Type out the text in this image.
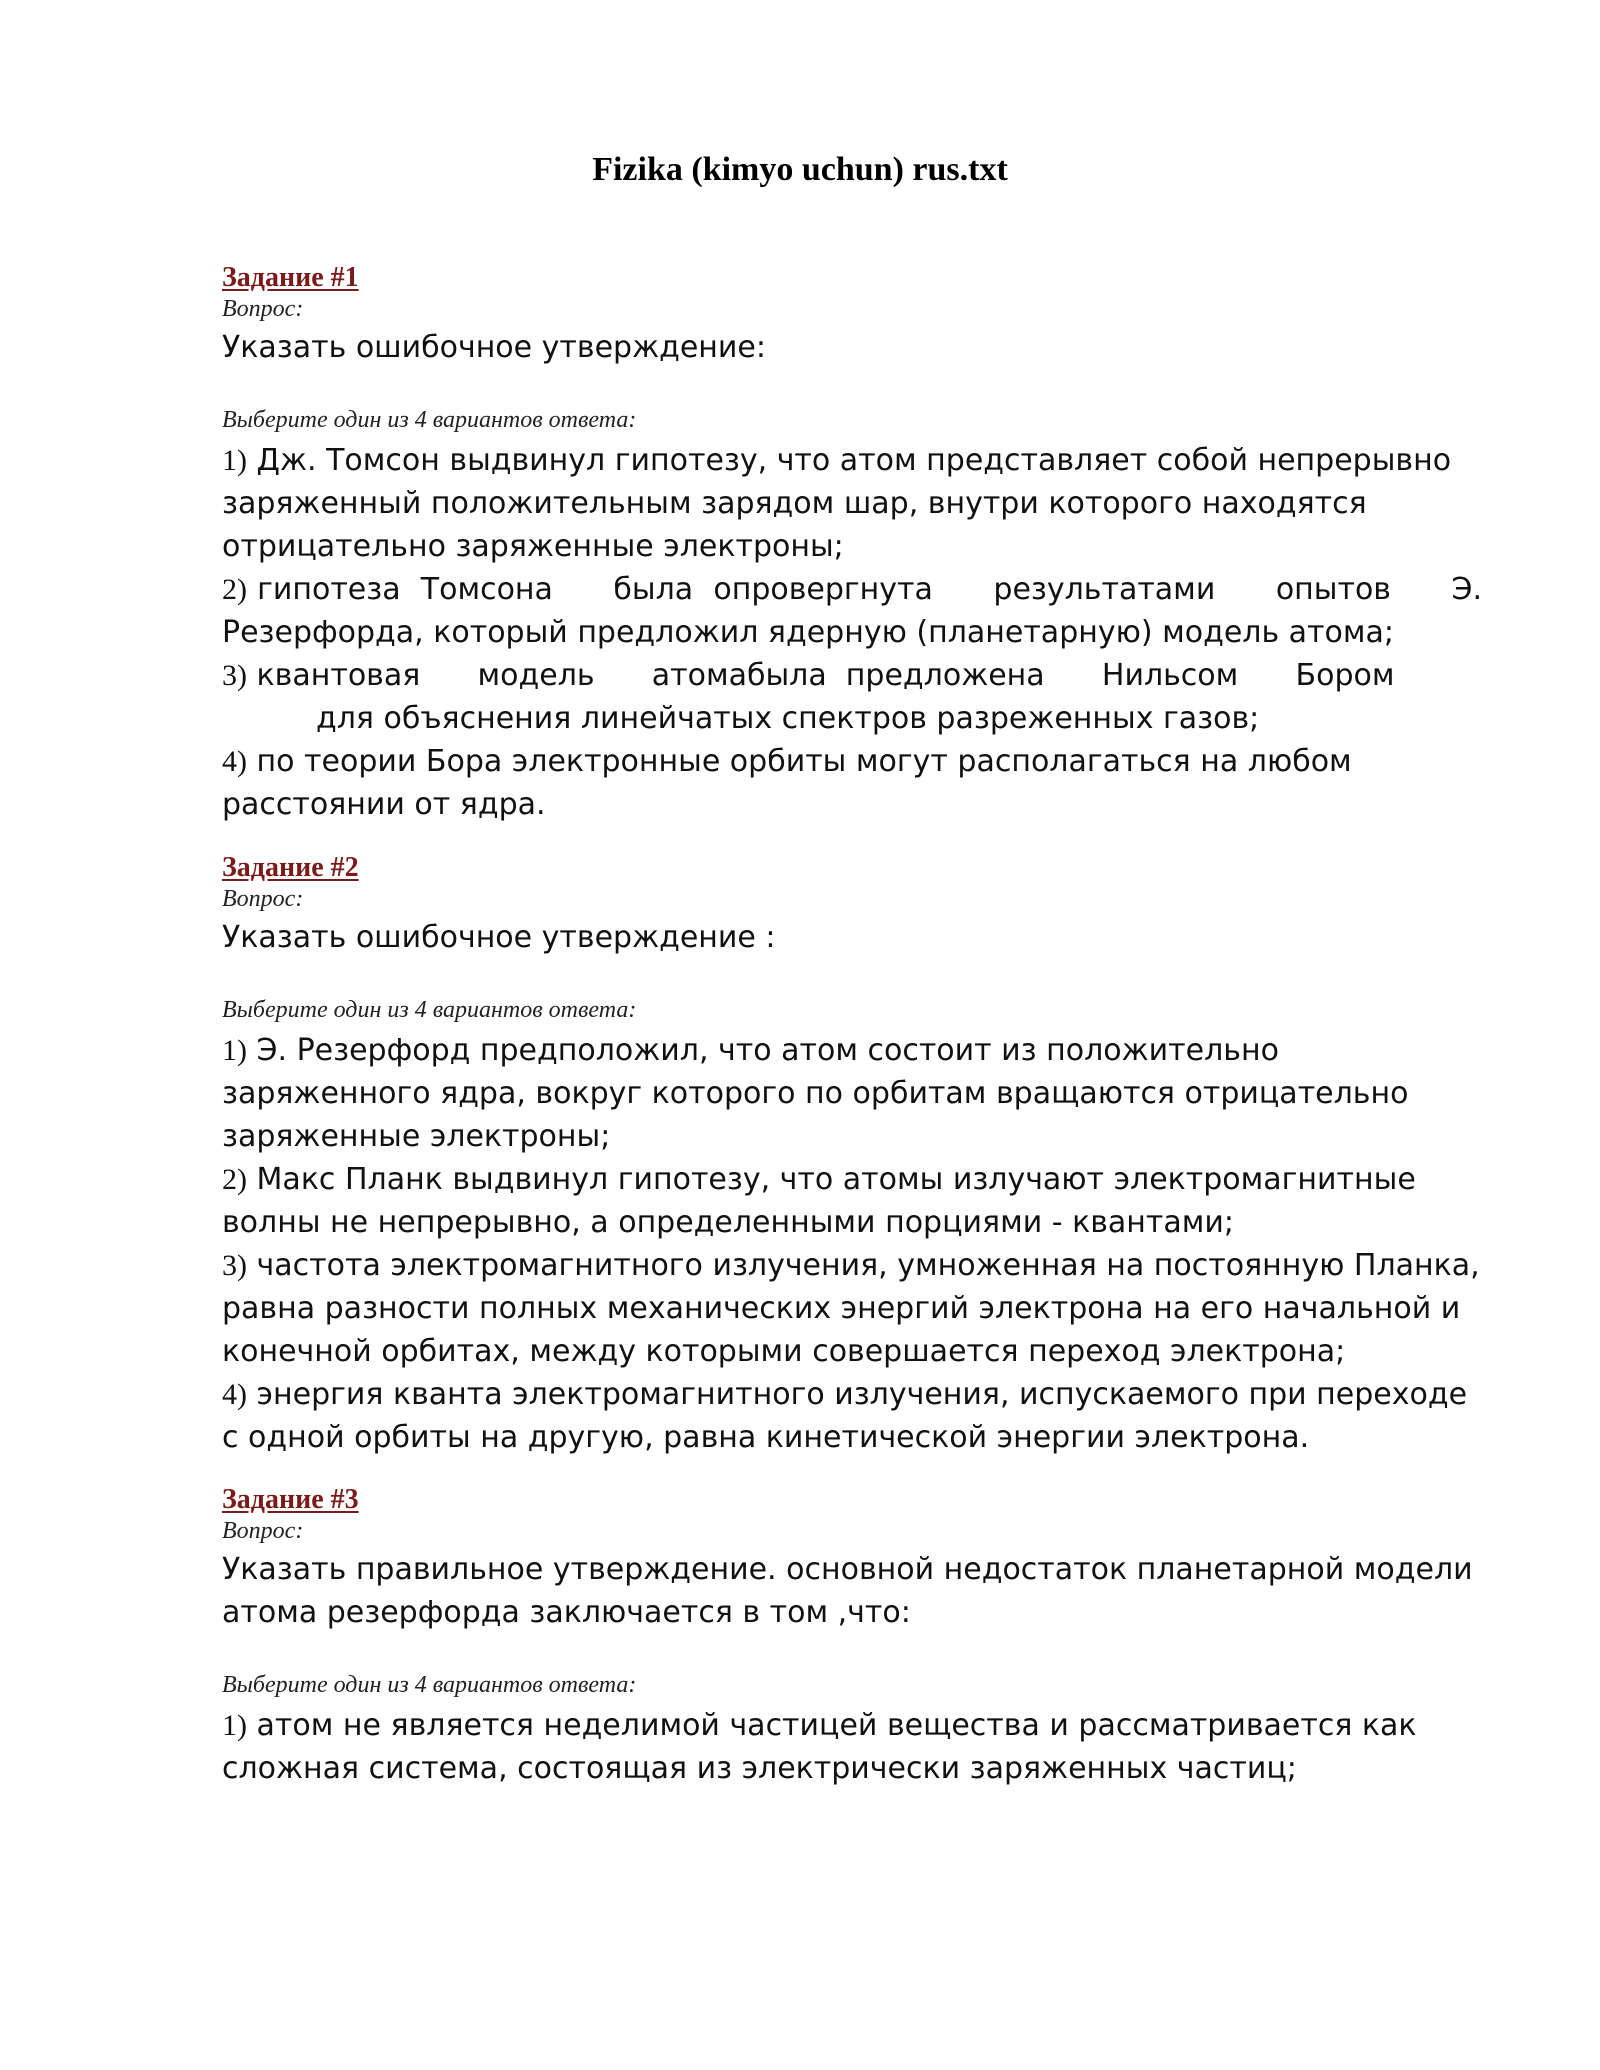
Fizika (kimyo uchun) rus.txt
Задание #1
Вопрос:
Указать ошибочное утверждение:
Выберите один из 4 вариантов ответа:
1) Дж. Томсон выдвинул гипотезу, что атом представляет собой непрерывно заряженный положительным зарядом шар, внутри которого находятся отрицательно заряженные электроны;
2) гипотеза  Томсона      была  опровергнута      результатами      опытов      Э.
Резерфорда, который предложил ядерную (планетарную) модель атома;
3) квантовая      модель      атомабыла  предложена      Нильсом      Бором
для объяснения линейчатых спектров разреженных газов;
4) по теории Бора электронные орбиты могут располагаться на любом расстоянии от ядра.
Задание #2
Вопрос:
Указать ошибочное утверждение :
Выберите один из 4 вариантов ответа:
1) Э. Резерфорд предположил, что атом состоит из положительно заряженного ядра, вокруг которого по орбитам вращаются отрицательно заряженные электроны;
2) Макс Планк выдвинул гипотезу, что атомы излучают электромагнитные волны не непрерывно, а определенными порциями - квантами;
3) частота электромагнитного излучения, умноженная на постоянную Планка, равна разности полных механических энергий электрона на его начальной и конечной орбитах, между которыми совершается переход электрона;
4) энергия кванта электромагнитного излучения, испускаемого при переходе с одной орбиты на другую, равна кинетической энергии электрона.
Задание #3
Вопрос:
Указать правильное утверждение. основной недостаток планетарной модели атома резерфорда заключается в том ,что:
Выберите один из 4 вариантов ответа:
1) атом не является неделимой частицей вещества и рассматривается как сложная система, состоящая из электрически заряженных частиц;
